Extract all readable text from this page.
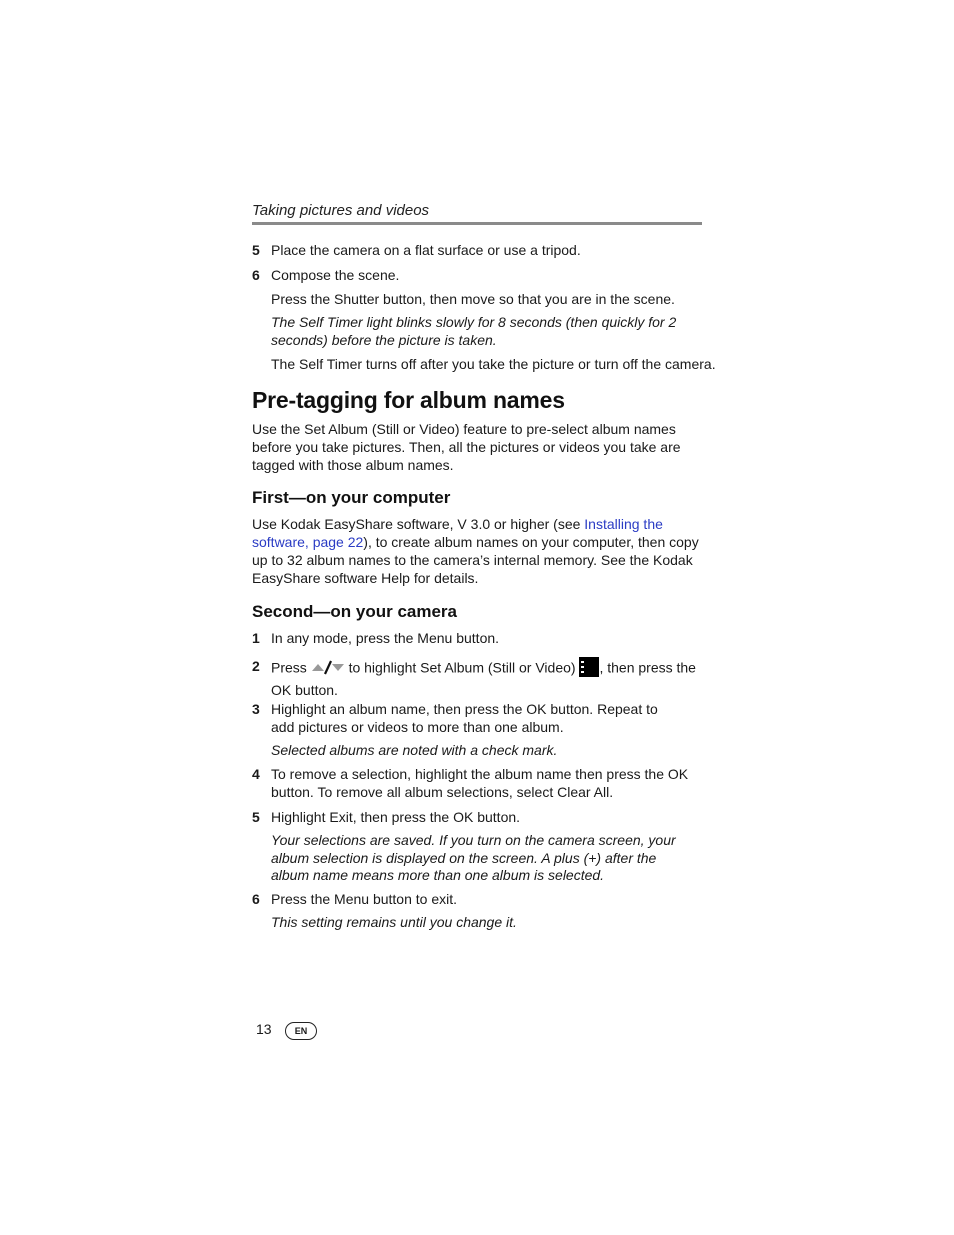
Taking pictures and videos
5 Place the camera on a flat surface or use a tripod.
6 Compose the scene.
Press the Shutter button, then move so that you are in the scene.
The Self Timer light blinks slowly for 8 seconds (then quickly for 2 seconds) before the picture is taken.
The Self Timer turns off after you take the picture or turn off the camera.
Pre-tagging for album names
Use the Set Album (Still or Video) feature to pre-select album names before you take pictures. Then, all the pictures or videos you take are tagged with those album names.
First—on your computer
Use Kodak EasyShare software, V 3.0 or higher (see Installing the software, page 22), to create album names on your computer, then copy up to 32 album names to the camera’s internal memory. See the Kodak EasyShare software Help for details.
Second—on your camera
1 In any mode, press the Menu button.
2 Press	to highlight Set Album (Still or Video) , then press the OK button.
3 Highlight an album name, then press the OK button. Repeat to add pictures or videos to more than one album.
Selected albums are noted with a check mark.
4 To remove a selection, highlight the album name then press the OK button. To remove all album selections, select Clear All.
5 Highlight Exit, then press the OK button.
Your selections are saved. If you turn on the camera screen, your album selection is displayed on the screen. A plus (+) after the album name means more than one album is selected.
6 Press the Menu button to exit.
This setting remains until you change it.
13	EN
